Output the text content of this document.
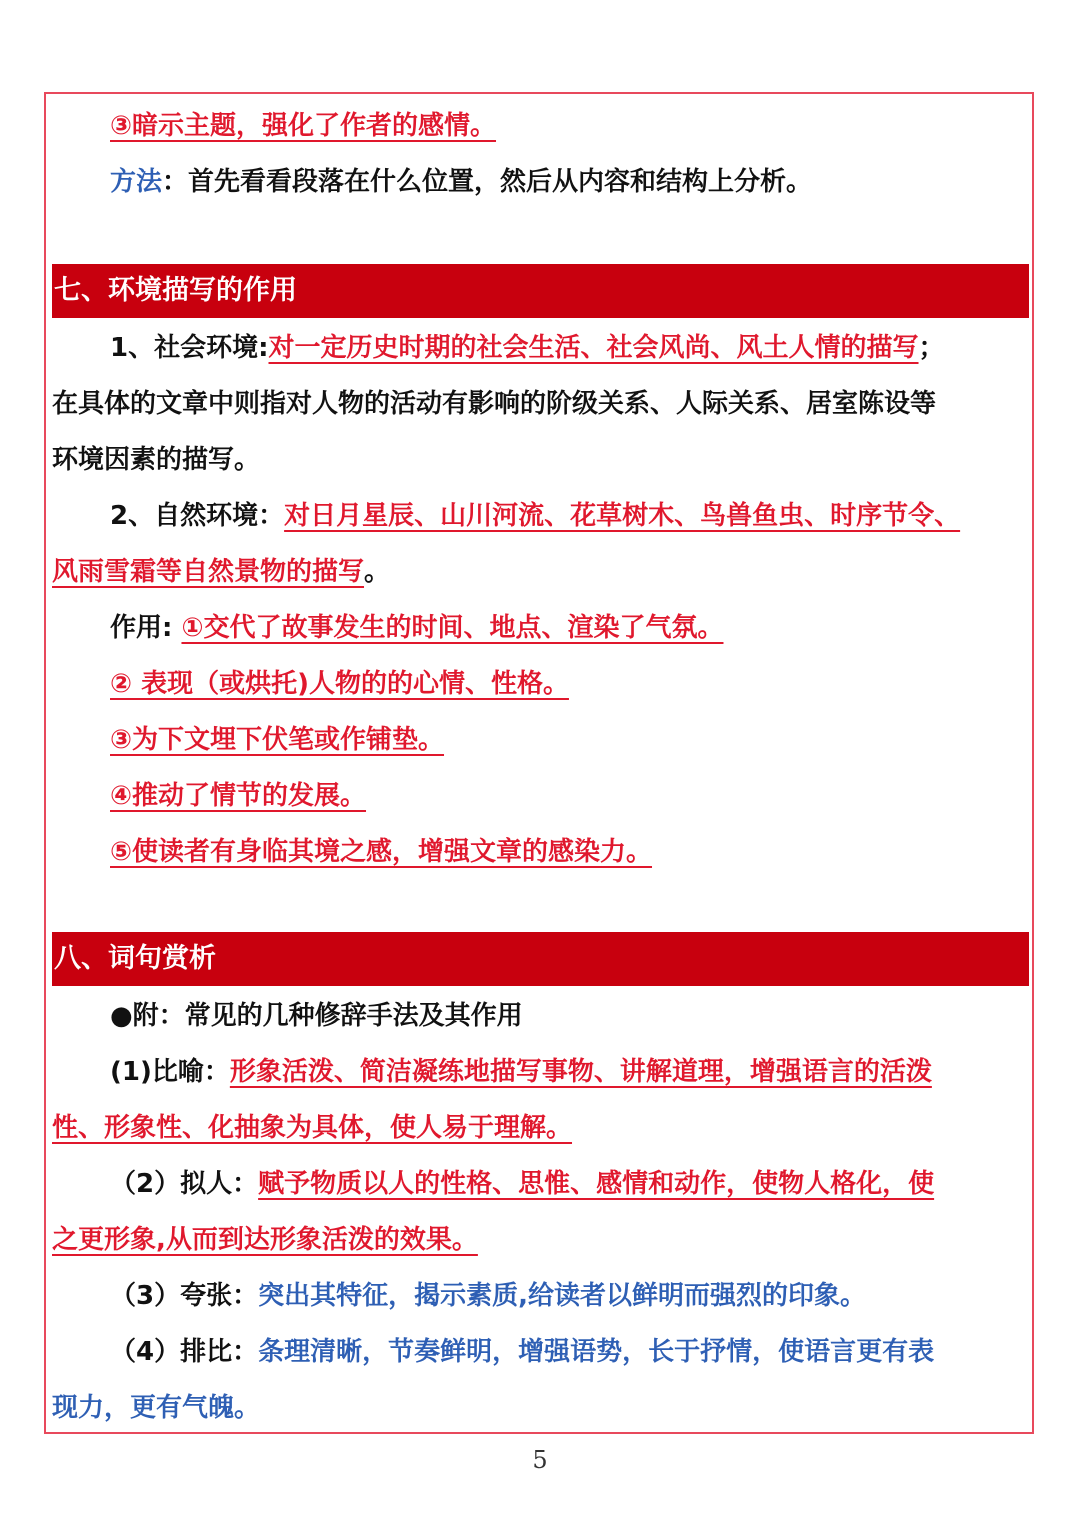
③暗示主题，强化了作者的感情。
方法：首先看看段落在什么位置，然后从内容和结构上分析。
七、环境描写的作用
1、社会环境:对一定历史时期的社会生活、社会风尚、风土人情的描写；
在具体的文章中则指对人物的活动有影响的阶级关系、人际关系、居室陈设等
环境因素的描写。
2、自然环境：对日月星辰、山川河流、花草树木、鸟兽鱼虫、时序节令、
风雨雪霜等自然景物的描写。
作用: ①交代了故事发生的时间、地点、渲染了气氛。
② 表现（或烘托)人物的的心情、性格。
③为下文埋下伏笔或作铺垫。
④推动了情节的发展。
⑤使读者有身临其境之感，增强文章的感染力。
八、词句赏析
●附：常见的几种修辞手法及其作用
(1)比喻：形象活泼、简洁凝练地描写事物、讲解道理，增强语言的活泼
性、形象性、化抽象为具体，使人易于理解。
（2）拟人：赋予物质以人的性格、思惟、感情和动作，使物人格化，使
之更形象,从而到达形象活泼的效果。
（3）夸张：突出其特征，揭示素质,给读者以鲜明而强烈的印象。
（4）排比：条理清晰，节奏鲜明，增强语势，长于抒情，使语言更有表
现力，更有气魄。
5
